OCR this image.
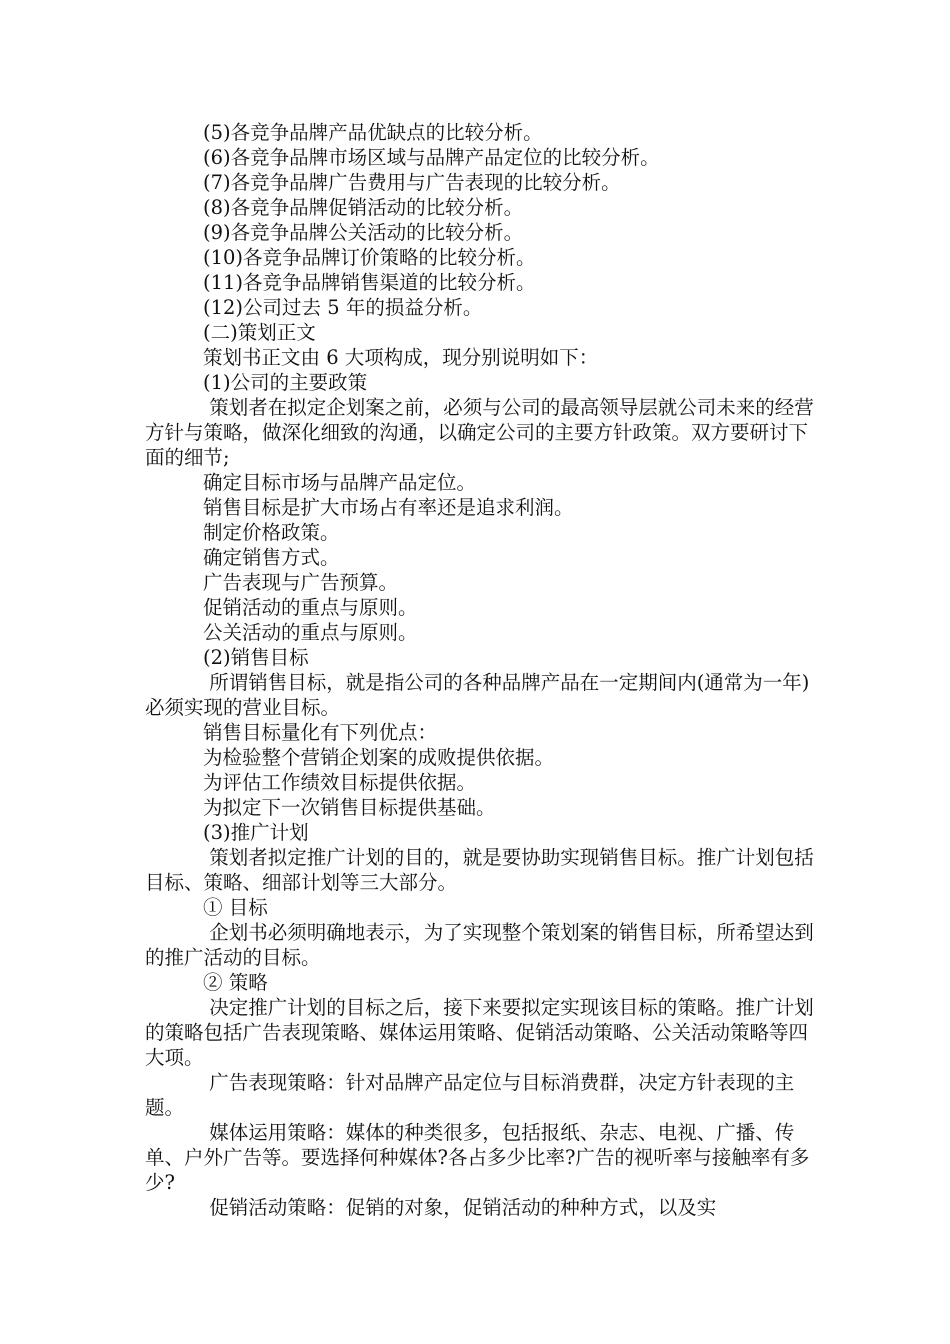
(5)各竞争品牌产品优缺点的比较分析。

(6)各竞争品牌市场区域与品牌产品定位的比较分析。

(7)各竞争品牌广告费用与广告表现的比较分析。

(8)各竞争品牌促销活动的比较分析。

(9)各竞争品牌公关活动的比较分析。

(10)各竞争品牌订价策略的比较分析。

(11)各竞争品牌销售渠道的比较分析。

(12)公司过去 5 年的损益分析。

(二)策划正文

策划书正文由 6 大项构成，现分别说明如下：

(1)公司的主要政策

策划者在拟定企划案之前，必须与公司的最高领导层就公司未来的经营方针与策略，做深化细致的沟通，以确定公司的主要方针政策。双方要研讨下面的细节;

确定目标市场与品牌产品定位。

销售目标是扩大市场占有率还是追求利润。

制定价格政策。

确定销售方式。

广告表现与广告预算。

促销活动的重点与原则。

公关活动的重点与原则。

(2)销售目标

所谓销售目标，就是指公司的各种品牌产品在一定期间内(通常为一年)必须实现的营业目标。

销售目标量化有下列优点：

为检验整个营销企划案的成败提供依据。

为评估工作绩效目标提供依据。

为拟定下一次销售目标提供基础。

(3)推广计划

策划者拟定推广计划的目的，就是要协助实现销售目标。推广计划包括目标、策略、细部计划等三大部分。

① 目标

企划书必须明确地表示，为了实现整个策划案的销售目标，所希望达到的推广活动的目标。

② 策略

决定推广计划的目标之后，接下来要拟定实现该目标的策略。推广计划的策略包括广告表现策略、媒体运用策略、促销活动策略、公关活动策略等四大项。

广告表现策略：针对品牌产品定位与目标消费群，决定方针表现的主题。

媒体运用策略：媒体的种类很多，包括报纸、杂志、电视、广播、传单、户外广告等。要选择何种媒体?各占多少比率?广告的视听率与接触率有多少?

促销活动策略：促销的对象，促销活动的种种方式，以及实
